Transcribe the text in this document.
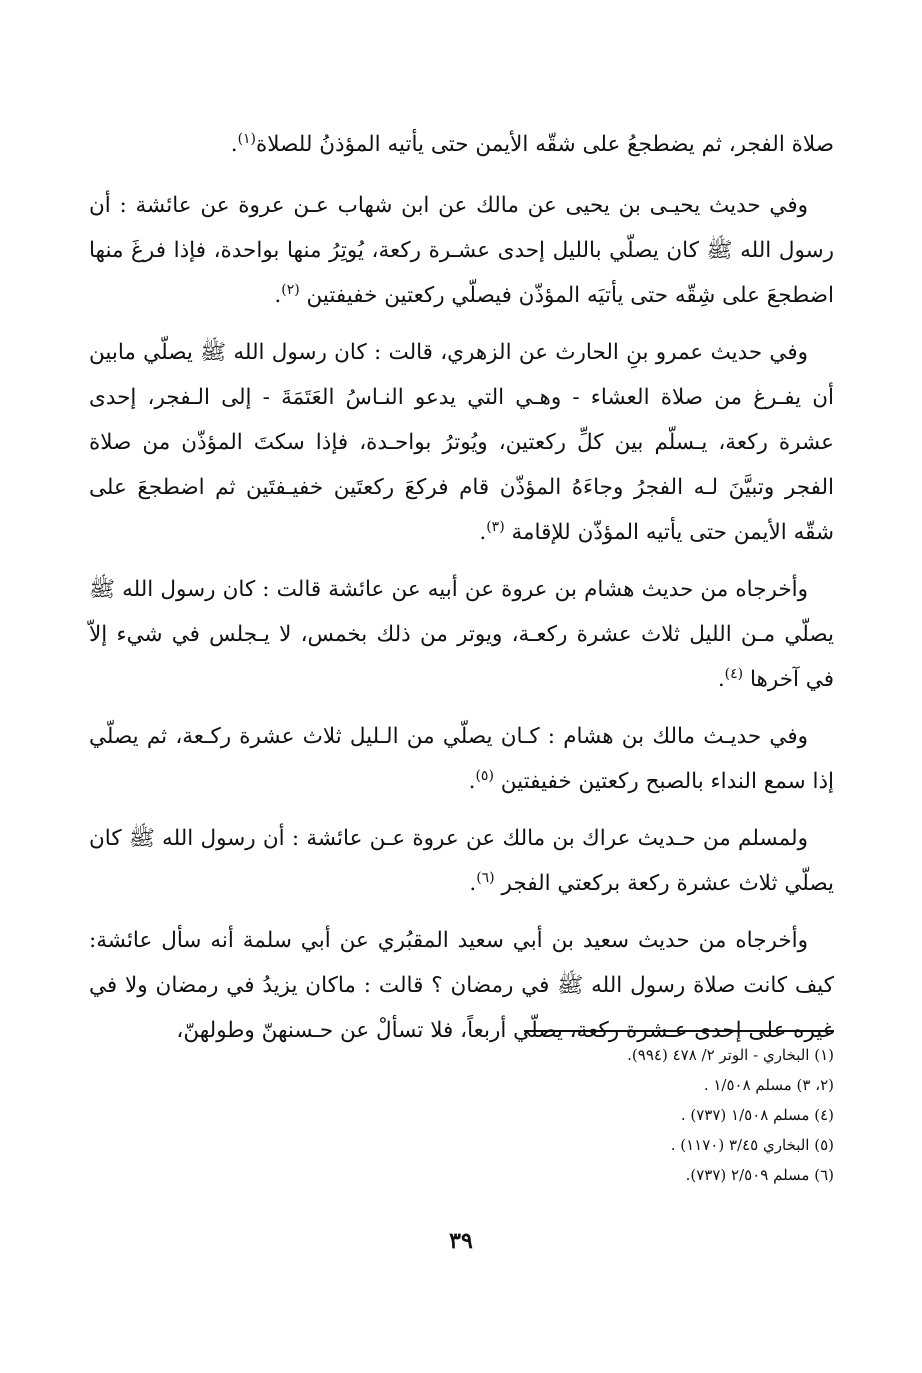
صلاة الفجر، ثم يضطجعُ على شقّه الأيمن حتى يأتيه المؤذنُ للصلاة$^{(١)}$.

وفي حديث يحيـى بن يحيى عن مالك عن ابن شهاب عـن عروة عن عائشة : أن رسول الله ﷺ كان يصلّي بالليل إحدى عشـرة ركعة، يُوتِرُ منها بواحدة، فإذا فرغَ منها اضطجعَ على شِقّه حتى يأتيَه المؤذّن فيصلّي ركعتين خفيفتين $^{(٢)}$.

وفي حديث عمرو بنِ الحارث عن الزهري، قالت : كان رسول الله ﷺ يصلّي مابين أن يفـرغ من صلاة العشاء - وهـي التي يدعو النـاسُ العَتَمَةَ - إلى الـفجر، إحدى عشرة ركعة، يـسلّم بين كلِّ ركعتين، ويُوترُ بواحـدة، فإذا سكتَ المؤذّن من صلاة الفجر وتبيَّنَ لـه الفجرُ وجاءَهُ المؤذّن قام فركعَ ركعتَين خفيـفتَين ثم اضطجعَ على شقّه الأيمن حتى يأتيه المؤذّن للإقامة $^{(٣)}$.

وأخرجاه من حديث هشام بن عروة عن أبيه عن عائشة قالت : كان رسول الله ﷺ يصلّي مـن الليل ثلاث عشرة ركعـة، ويوتر من ذلك بخمس، لا يـجلس في شيء إلاّ في آخرها $^{(٤)}$.

وفي حديـث مالك بن هشام : كـان يصلّي من الـليل ثلاث عشرة ركـعة، ثم يصلّي إذا سمع النداء بالصبح ركعتين خفيفتين $^{(٥)}$.

ولمسلم من حـديث عراك بن مالك عن عروة عـن عائشة : أن رسول الله ﷺ كان يصلّي ثلاث عشرة ركعة بركعتي الفجر $^{(٦)}$.

وأخرجاه من حديث سعيد بن أبي سعيد المقبُري عن أبي سلمة أنه سأل عائشة: كيف كانت صلاة رسول الله ﷺ في رمضان ؟ قالت : ماكان يزيدُ في رمضان ولا في غيره على إحدى عـشرة ركعة، يصلّي أربعاً، فلا تسألْ عن حـسنهنّ وطولهنّ،

(١) البخاري - الوتر ٢/ ٤٧٨ (٩٩٤).

(٢، ٣) مسلم ١/٥٠٨ .

(٤) مسلم ١/٥٠٨ (٧٣٧) .

(٥) البخاري ٣/٤٥ (١١٧٠) .

(٦) مسلم ٢/٥٠٩ (٧٣٧).

٣٩
